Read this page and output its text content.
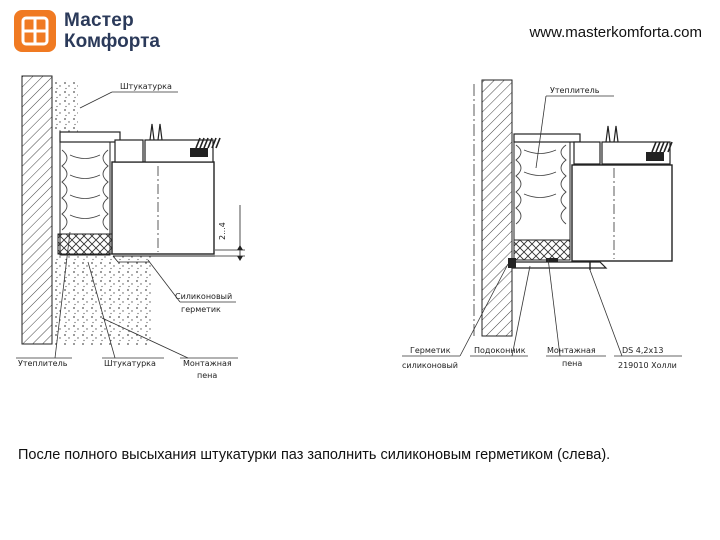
Мастер
Комфорта	www.masterkomforta.com
2...4
Штукатурка
Силиконовый
герметик
Утеплитель	Штукатурка	Монтажная
пена
Утеплитель
Герметик
силиконовый
Подоконник	Монтажная
пена
DS 4,2х13
219010 Холли
После полного высыхания штукатурки паз заполнить силиконовым герметиком (слева).
